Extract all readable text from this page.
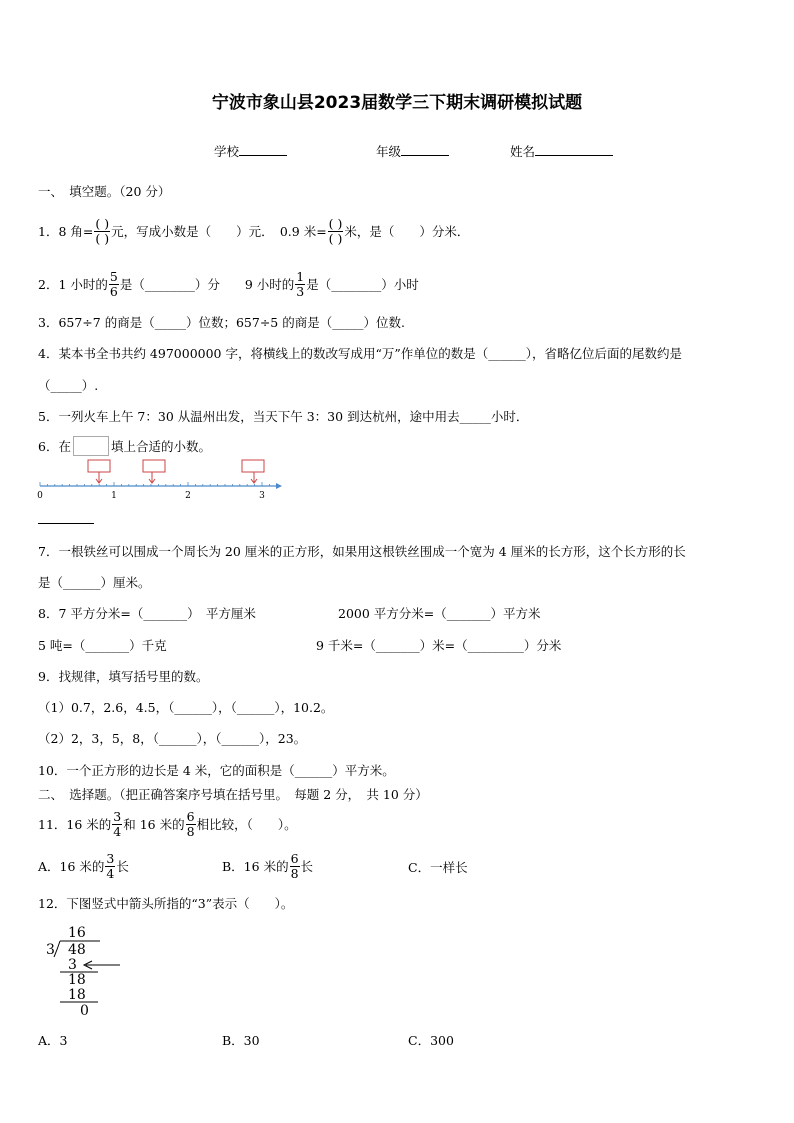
宁波市象山县2023届数学三下期末调研模拟试题
学校	年级	姓名
一、　填空题。（20 分）
1．8 角= $\frac{( )}{( )}$ 元，写成小数是（　　）元．　0.9 米= $\frac{( )}{( )}$ 米，是（　　）分米．
2．1 小时的 $\frac{5}{6}$ 是（________）分　　9 小时的 $\frac{1}{3}$ 是（________）小时
3．657÷7 的商是（_____）位数；657÷5 的商是（_____）位数.
4．某本书全书共约 497000000 字，将横线上的数改写成用“万”作单位的数是（______），省略亿位后面的尾数约是
（_____）.
5．一列火车上午 7：30 从温州出发，当天下午 3：30 到达杭州，途中用去_____小时．
6．在	填上合适的小数。
0	1	2	3
7．一根铁丝可以围成一个周长为 20 厘米的正方形，如果用这根铁丝围成一个宽为 4 厘米的长方形，这个长方形的长
是（______）厘米。
8．7 平方分米=（_______）　平方厘米	2000 平方分米=（_______）平方米
5 吨=（_______）千克	9 千米=（_______）米=（_________）分米
9．找规律，填写括号里的数。
（1）0.7，2.6，4.5，（______），（______），10.2。
（2）2，3，5，8，（______），（______），23。
10．一个正方形的边长是 4 米，它的面积是（______）平方米。
二、　选择题。（把正确答案序号填在括号里。　每题 2 分，　共 10 分）
11．16 米的 $\frac{3}{4}$ 和 16 米的 $\frac{6}{8}$ 相比较，（　　）。
A．16 米的 $\frac{3}{4}$ 长	B．16 米的 $\frac{6}{8}$ 长	C．一样长
12．下图竖式中箭头所指的“3”表示（　　）。
16
3 48
3
18
18
0
A．3	B．30	C．300
